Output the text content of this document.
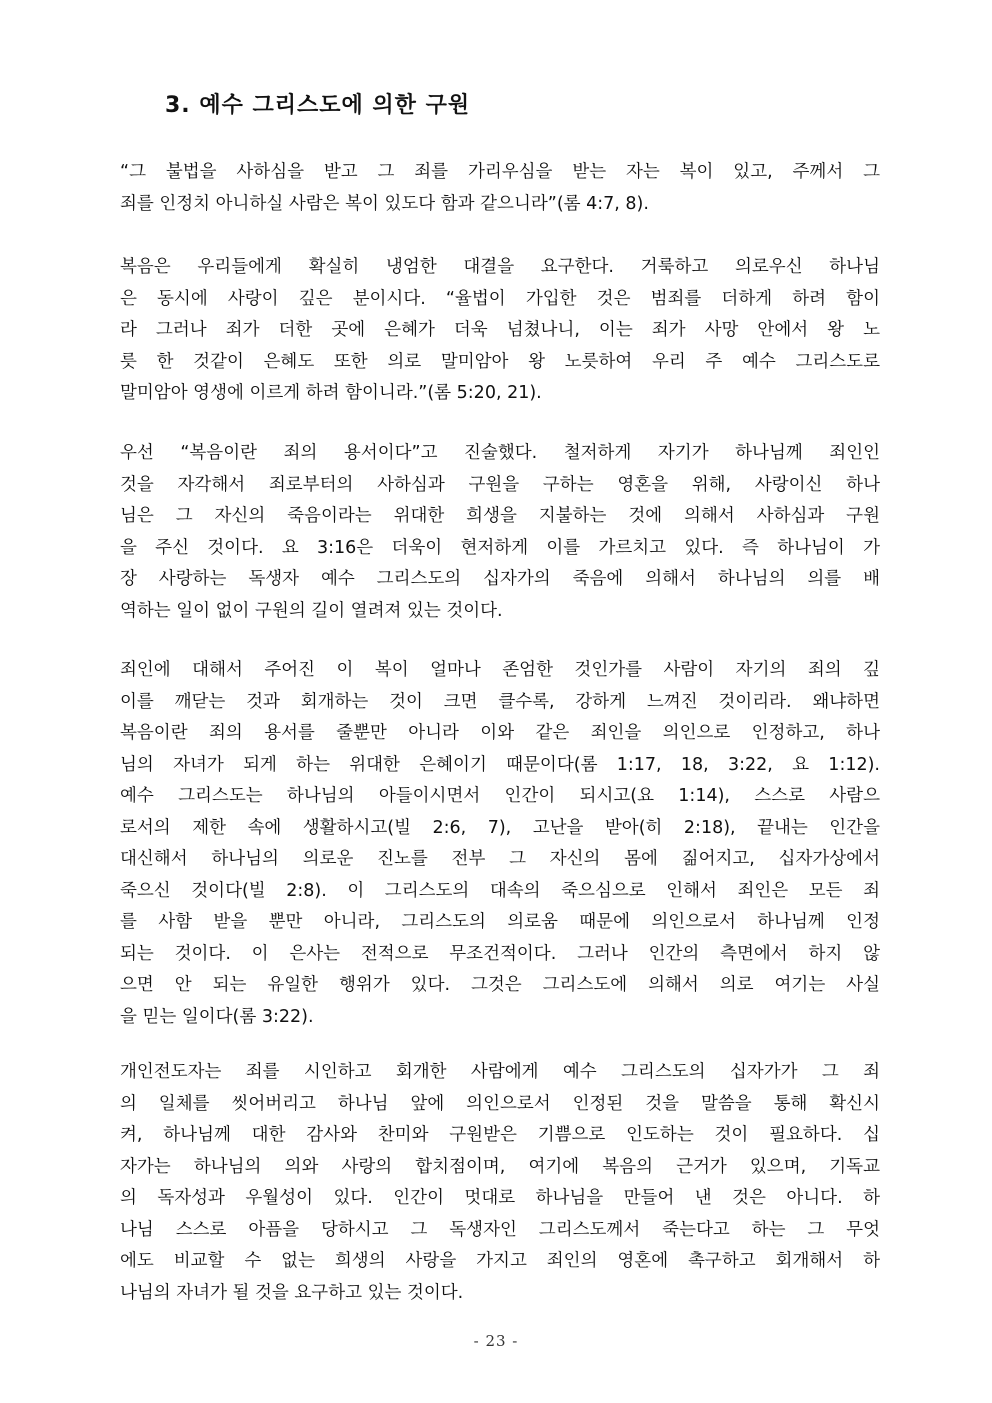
3. 예수 그리스도에 의한 구원

“그 불법을 사하심을 받고 그 죄를 가리우심을 받는 자는 복이 있고, 주께서 그
죄를 인정치 아니하실 사람은 복이 있도다 함과 같으니라”(롬 4:7, 8).

복음은 우리들에게 확실히 냉엄한 대결을 요구한다. 거룩하고 의로우신 하나님
은 동시에 사랑이 깊은 분이시다. “율법이 가입한 것은 범죄를 더하게 하려 함이
라 그러나 죄가 더한 곳에 은혜가 더욱 넘쳤나니, 이는 죄가 사망 안에서 왕 노
릇 한 것같이 은혜도 또한 의로 말미암아 왕 노릇하여 우리 주 예수 그리스도로
말미암아 영생에 이르게 하려 함이니라.”(롬 5:20, 21).

우선 “복음이란 죄의 용서이다”고 진술했다. 철저하게 자기가 하나님께 죄인인
것을 자각해서 죄로부터의 사하심과 구원을 구하는 영혼을 위해, 사랑이신 하나
님은 그 자신의 죽음이라는 위대한 희생을 지불하는 것에 의해서 사하심과 구원
을 주신 것이다. 요 3:16은 더욱이 현저하게 이를 가르치고 있다. 즉 하나님이 가
장 사랑하는 독생자 예수 그리스도의 십자가의 죽음에 의해서 하나님의 의를 배
역하는 일이 없이 구원의 길이 열려져 있는 것이다.

죄인에 대해서 주어진 이 복이 얼마나 존엄한 것인가를 사람이 자기의 죄의 깊
이를 깨닫는 것과 회개하는 것이 크면 클수록, 강하게 느껴진 것이리라. 왜냐하면
복음이란 죄의 용서를 줄뿐만 아니라 이와 같은 죄인을 의인으로 인정하고, 하나
님의 자녀가 되게 하는 위대한 은혜이기 때문이다(롬 1:17, 18, 3:22, 요 1:12).
예수 그리스도는 하나님의 아들이시면서 인간이 되시고(요 1:14), 스스로 사람으
로서의 제한 속에 생활하시고(빌 2:6, 7), 고난을 받아(히 2:18), 끝내는 인간을
대신해서 하나님의 의로운 진노를 전부 그 자신의 몸에 짊어지고, 십자가상에서
죽으신 것이다(빌 2:8). 이 그리스도의 대속의 죽으심으로 인해서 죄인은 모든 죄
를 사함 받을 뿐만 아니라, 그리스도의 의로움 때문에 의인으로서 하나님께 인정
되는 것이다. 이 은사는 전적으로 무조건적이다. 그러나 인간의 측면에서 하지 않
으면 안 되는 유일한 행위가 있다. 그것은 그리스도에 의해서 의로 여기는 사실
을 믿는 일이다(롬 3:22).

개인전도자는 죄를 시인하고 회개한 사람에게 예수 그리스도의 십자가가 그 죄
의 일체를 씻어버리고 하나님 앞에 의인으로서 인정된 것을 말씀을 통해 확신시
켜, 하나님께 대한 감사와 찬미와 구원받은 기쁨으로 인도하는 것이 필요하다. 십
자가는 하나님의 의와 사랑의 합치점이며, 여기에 복음의 근거가 있으며, 기독교
의 독자성과 우월성이 있다. 인간이 멋대로 하나님을 만들어 낸 것은 아니다. 하
나님 스스로 아픔을 당하시고 그 독생자인 그리스도께서 죽는다고 하는 그 무엇
에도 비교할 수 없는 희생의 사랑을 가지고 죄인의 영혼에 촉구하고 회개해서 하
나님의 자녀가 될 것을 요구하고 있는 것이다.

- 23 -
